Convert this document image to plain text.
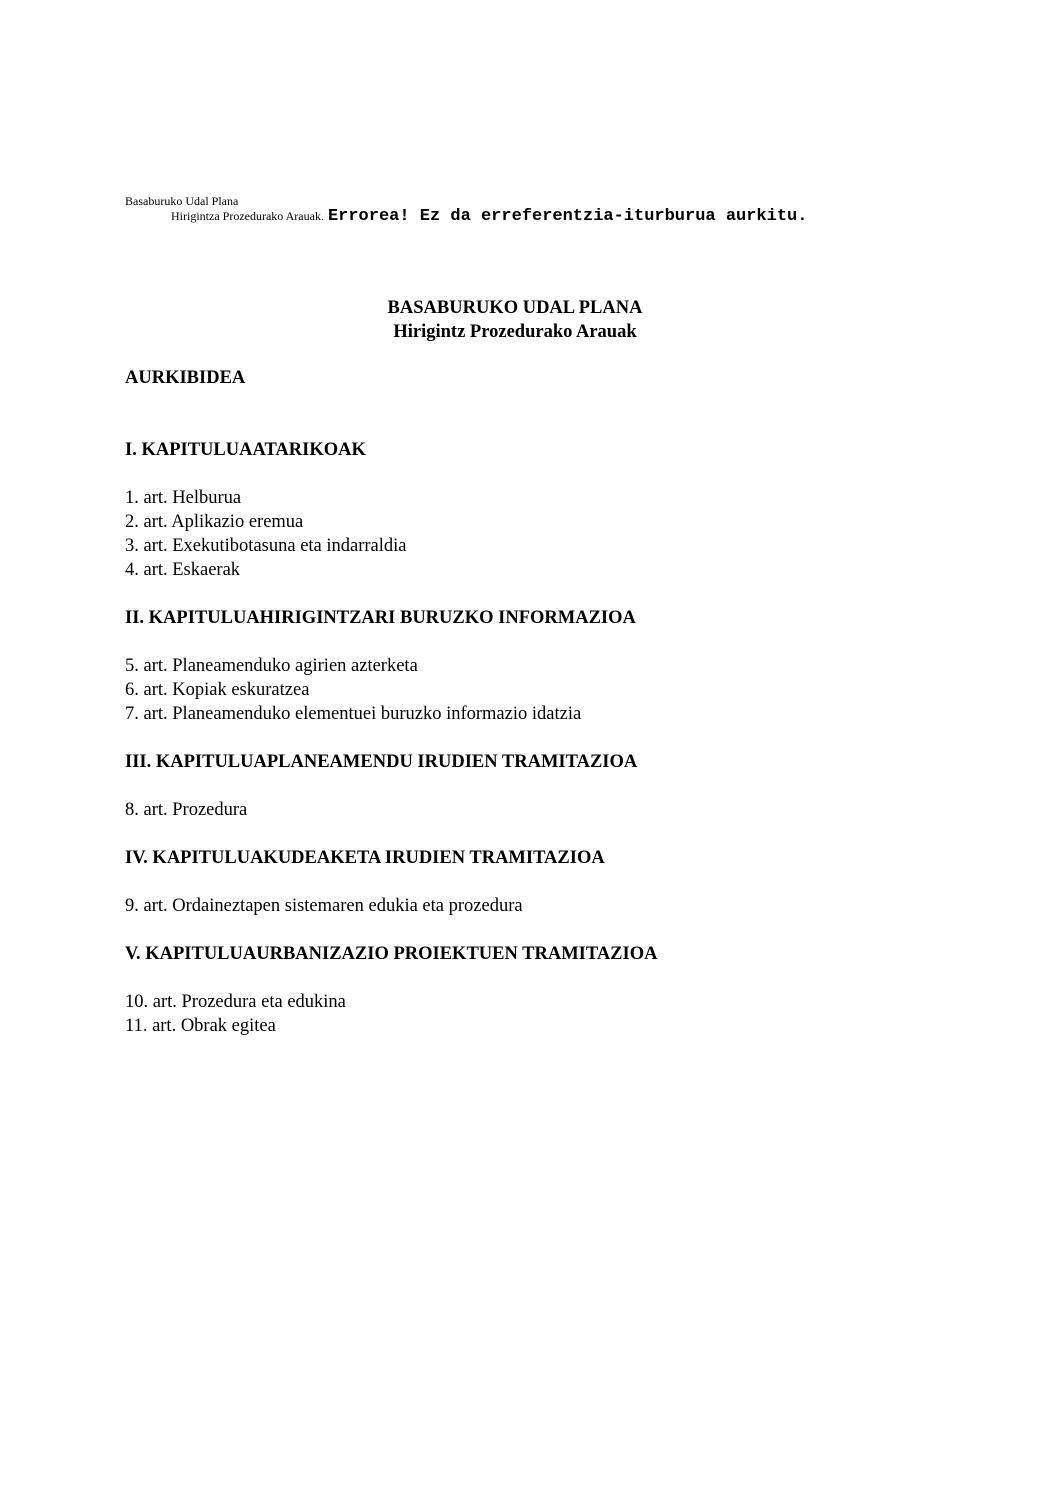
Basaburuko Udal Plana
Hirigintza Prozedurako Arauak. Errorea! Ez da erreferentzia-iturburua aurkitu.
BASABURUKO UDAL PLANA
Hirigintz Prozedurako Arauak
AURKIBIDEA
I. KAPITULUAATARIKOAK
1. art. Helburua
2. art. Aplikazio eremua
3. art. Exekutibotasuna eta indarraldia
4. art. Eskaerak
II. KAPITULUAHIRIGINTZARI BURUZKO INFORMAZIOA
5. art. Planeamenduko agirien azterketa
6. art. Kopiak eskuratzea
7. art. Planeamenduko elementuei buruzko informazio idatzia
III. KAPITULUAPLANEAMENDU IRUDIEN TRAMITAZIOA
8. art. Prozedura
IV. KAPITULUAKUDEAKETA IRUDIEN TRAMITAZIOA
9. art. Ordaineztapen sistemaren edukia eta prozedura
V. KAPITULUAURBANIZAZIO PROIEKTUEN TRAMITAZIOA
10. art. Prozedura eta edukina
11. art. Obrak egitea
